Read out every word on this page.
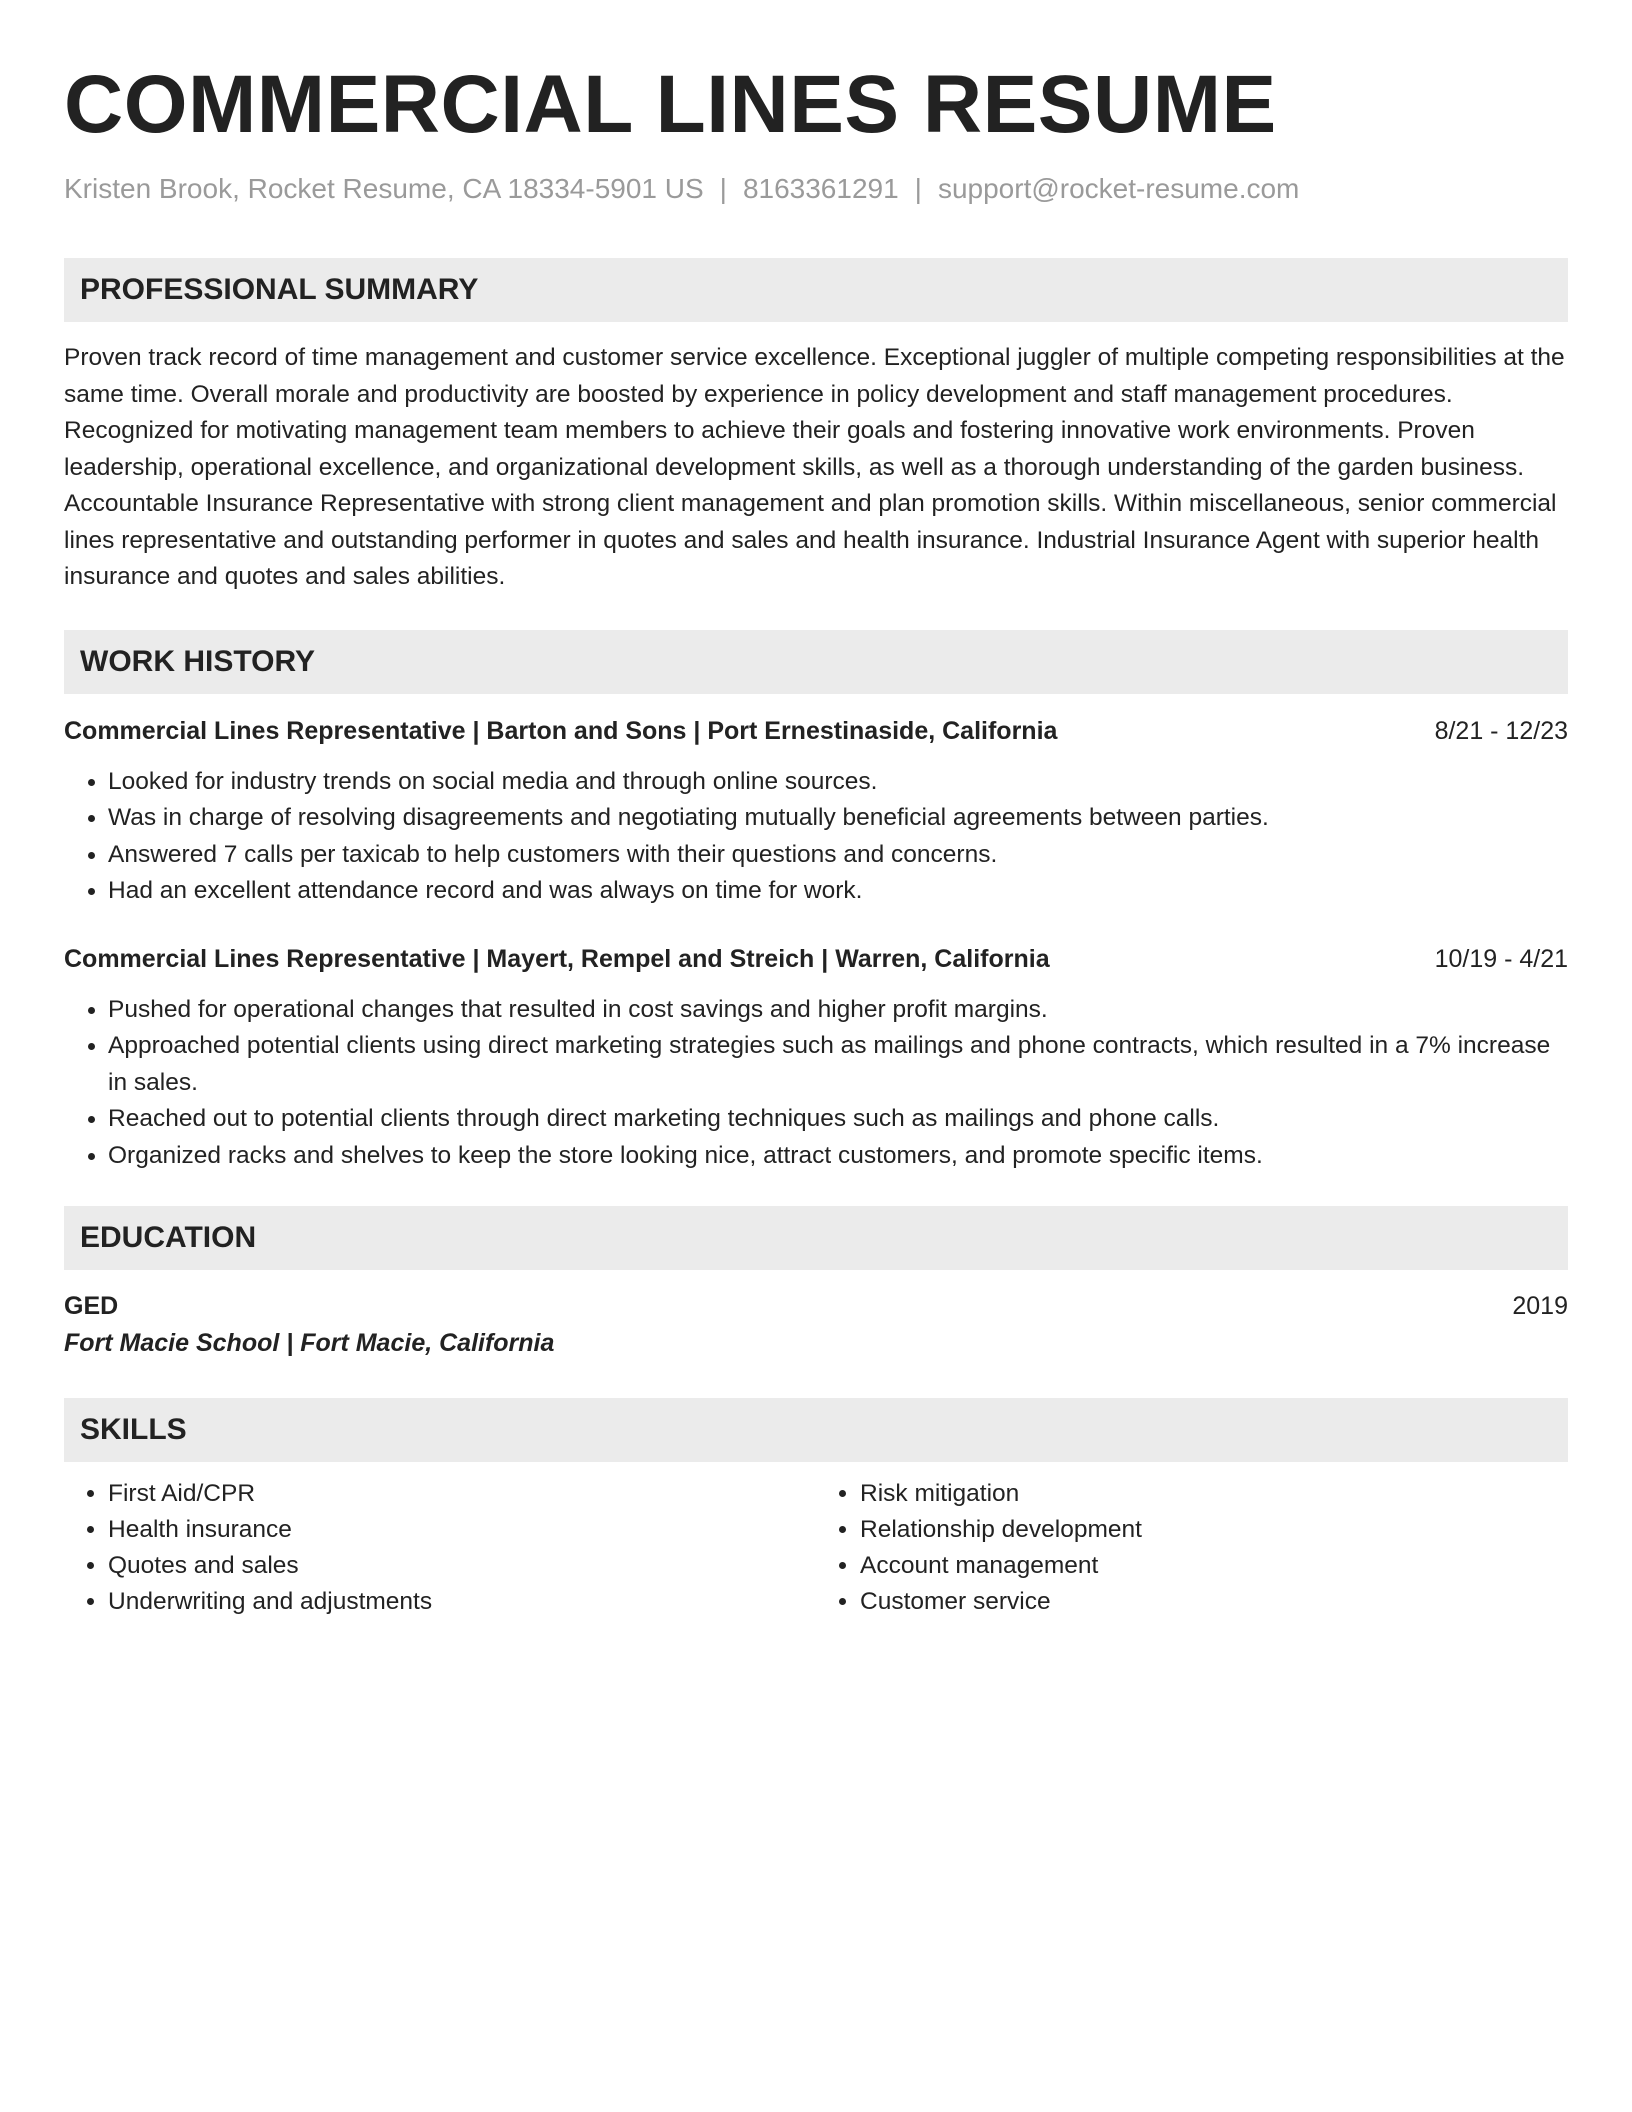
COMMERCIAL LINES RESUME
Kristen Brook, Rocket Resume, CA 18334-5901 US | 8163361291 | support@rocket-resume.com
PROFESSIONAL SUMMARY
Proven track record of time management and customer service excellence. Exceptional juggler of multiple competing responsibilities at the same time. Overall morale and productivity are boosted by experience in policy development and staff management procedures. Recognized for motivating management team members to achieve their goals and fostering innovative work environments. Proven leadership, operational excellence, and organizational development skills, as well as a thorough understanding of the garden business. Accountable Insurance Representative with strong client management and plan promotion skills. Within miscellaneous, senior commercial lines representative and outstanding performer in quotes and sales and health insurance. Industrial Insurance Agent with superior health insurance and quotes and sales abilities.
WORK HISTORY
Commercial Lines Representative | Barton and Sons | Port Ernestinaside, California	8/21 - 12/23
• Looked for industry trends on social media and through online sources.
• Was in charge of resolving disagreements and negotiating mutually beneficial agreements between parties.
• Answered 7 calls per taxicab to help customers with their questions and concerns.
• Had an excellent attendance record and was always on time for work.
Commercial Lines Representative | Mayert, Rempel and Streich | Warren, California	10/19 - 4/21
• Pushed for operational changes that resulted in cost savings and higher profit margins.
• Approached potential clients using direct marketing strategies such as mailings and phone contracts, which resulted in a 7% increase in sales.
• Reached out to potential clients through direct marketing techniques such as mailings and phone calls.
• Organized racks and shelves to keep the store looking nice, attract customers, and promote specific items.
EDUCATION
GED	2019
Fort Macie School | Fort Macie, California
SKILLS
• First Aid/CPR
• Health insurance
• Quotes and sales
• Underwriting and adjustments
• Risk mitigation
• Relationship development
• Account management
• Customer service
